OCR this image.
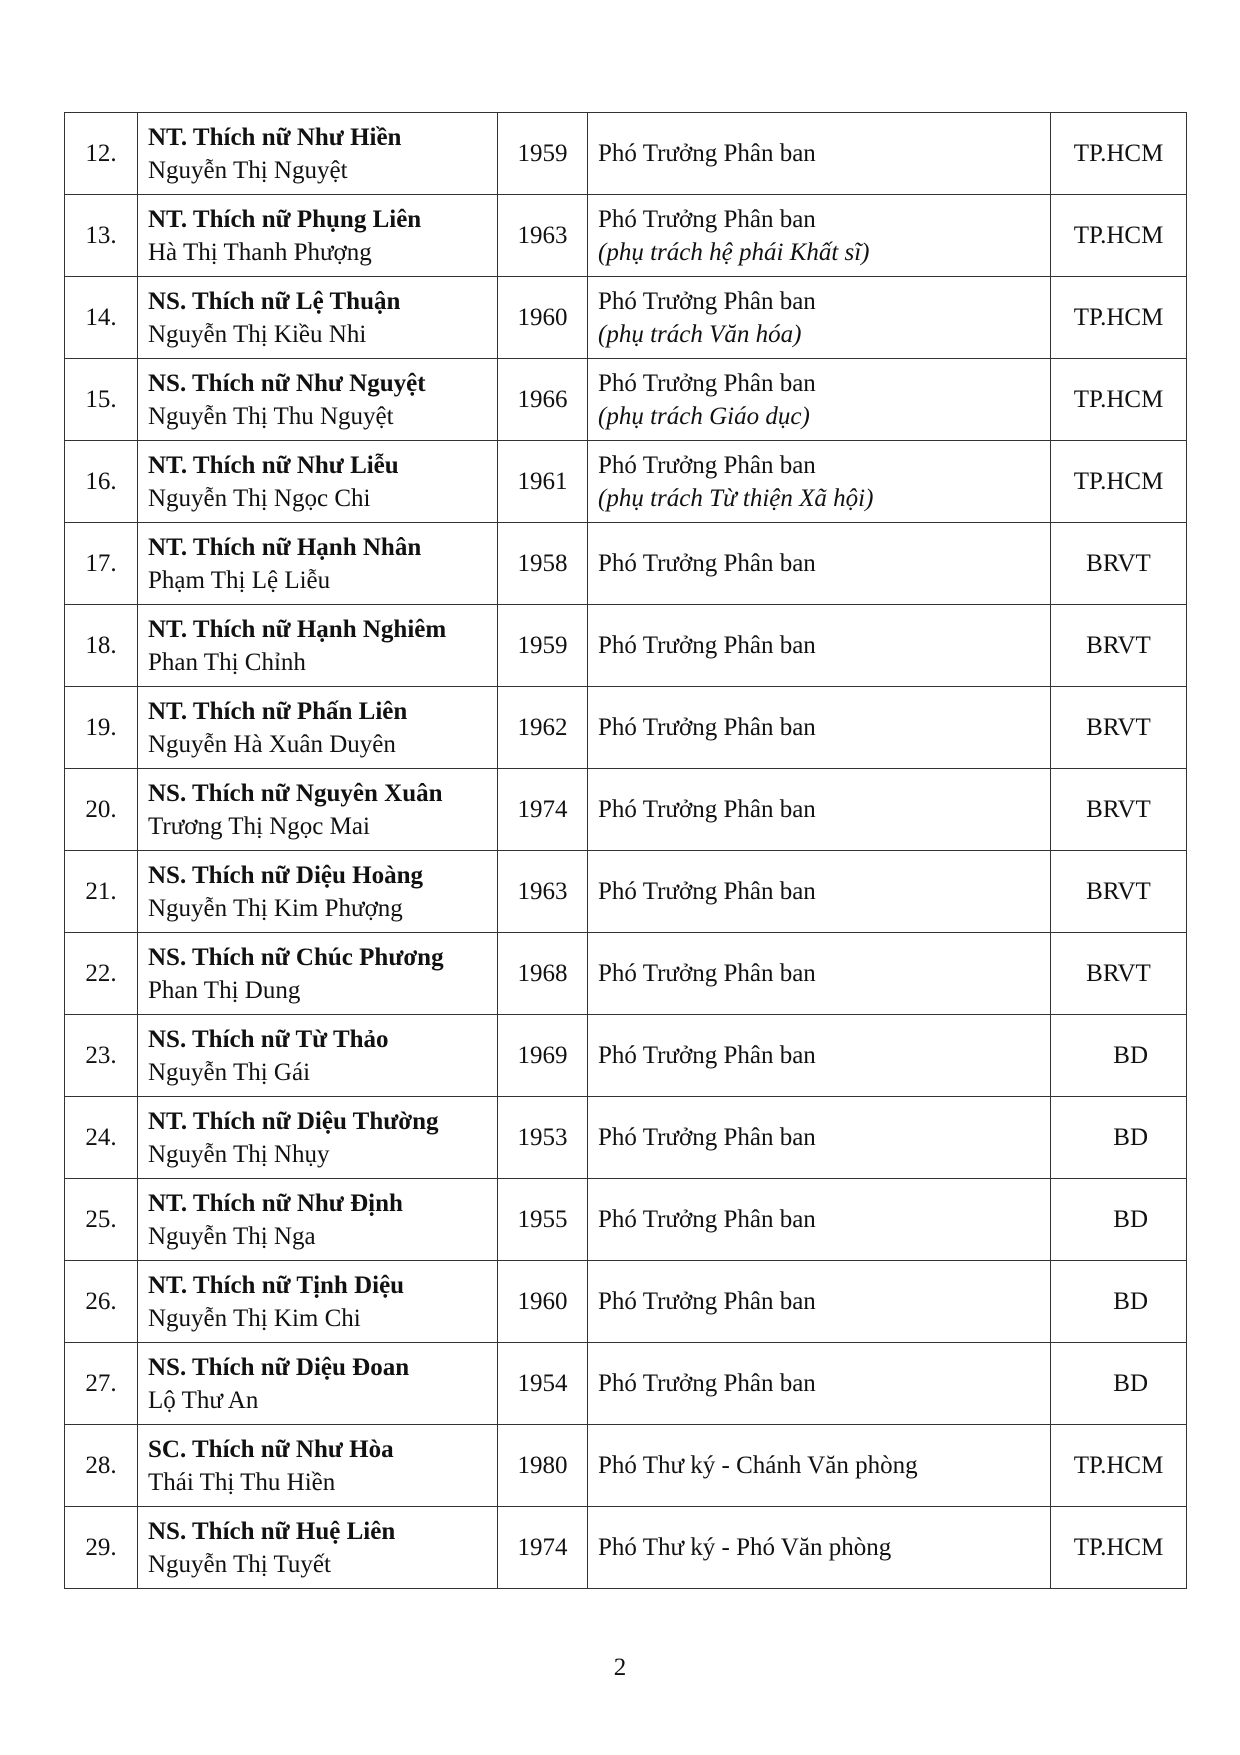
12.	NT. Thích nữ Như Hiền
Nguyễn Thị Nguyệt	1959	Phó Trưởng Phân ban	TP.HCM
13.	NT. Thích nữ Phụng Liên
Hà Thị Thanh Phượng	1963	Phó Trưởng Phân ban
(phụ trách hệ phái Khất sĩ)	TP.HCM
14.	NS. Thích nữ Lệ Thuận
Nguyễn Thị Kiều Nhi	1960	Phó Trưởng Phân ban
(phụ trách Văn hóa)	TP.HCM
15.	NS. Thích nữ Như Nguyệt
Nguyễn Thị Thu Nguyệt	1966	Phó Trưởng Phân ban
(phụ trách Giáo dục)	TP.HCM
16.	NT. Thích nữ Như Liễu
Nguyễn Thị Ngọc Chi	1961	Phó Trưởng Phân ban
(phụ trách Từ thiện Xã hội)	TP.HCM
17.	NT. Thích nữ Hạnh Nhân
Phạm Thị Lệ Liễu	1958	Phó Trưởng Phân ban	BRVT
18.	NT. Thích nữ Hạnh Nghiêm
Phan Thị Chỉnh	1959	Phó Trưởng Phân ban	BRVT
19.	NT. Thích nữ Phấn Liên
Nguyễn Hà Xuân Duyên	1962	Phó Trưởng Phân ban	BRVT
20.	NS. Thích nữ Nguyên Xuân
Trương Thị Ngọc Mai	1974	Phó Trưởng Phân ban	BRVT
21.	NS. Thích nữ Diệu Hoàng
Nguyễn Thị Kim Phượng	1963	Phó Trưởng Phân ban	BRVT
22.	NS. Thích nữ Chúc Phương
Phan Thị Dung	1968	Phó Trưởng Phân ban	BRVT
23.	NS. Thích nữ Từ Thảo
Nguyễn Thị Gái	1969	Phó Trưởng Phân ban	BD
24.	NT. Thích nữ Diệu Thường
Nguyễn Thị Nhụy	1953	Phó Trưởng Phân ban	BD
25.	NT. Thích nữ Như Định
Nguyễn Thị Nga	1955	Phó Trưởng Phân ban	BD
26.	NT. Thích nữ Tịnh Diệu
Nguyễn Thị Kim Chi	1960	Phó Trưởng Phân ban	BD
27.	NS. Thích nữ Diệu Đoan
Lộ Thư An	1954	Phó Trưởng Phân ban	BD
28.	SC. Thích nữ Như Hòa
Thái Thị Thu Hiền	1980	Phó Thư ký - Chánh Văn phòng	TP.HCM
29.	NS. Thích nữ Huệ Liên
Nguyễn Thị Tuyết	1974	Phó Thư ký - Phó Văn phòng	TP.HCM
2
